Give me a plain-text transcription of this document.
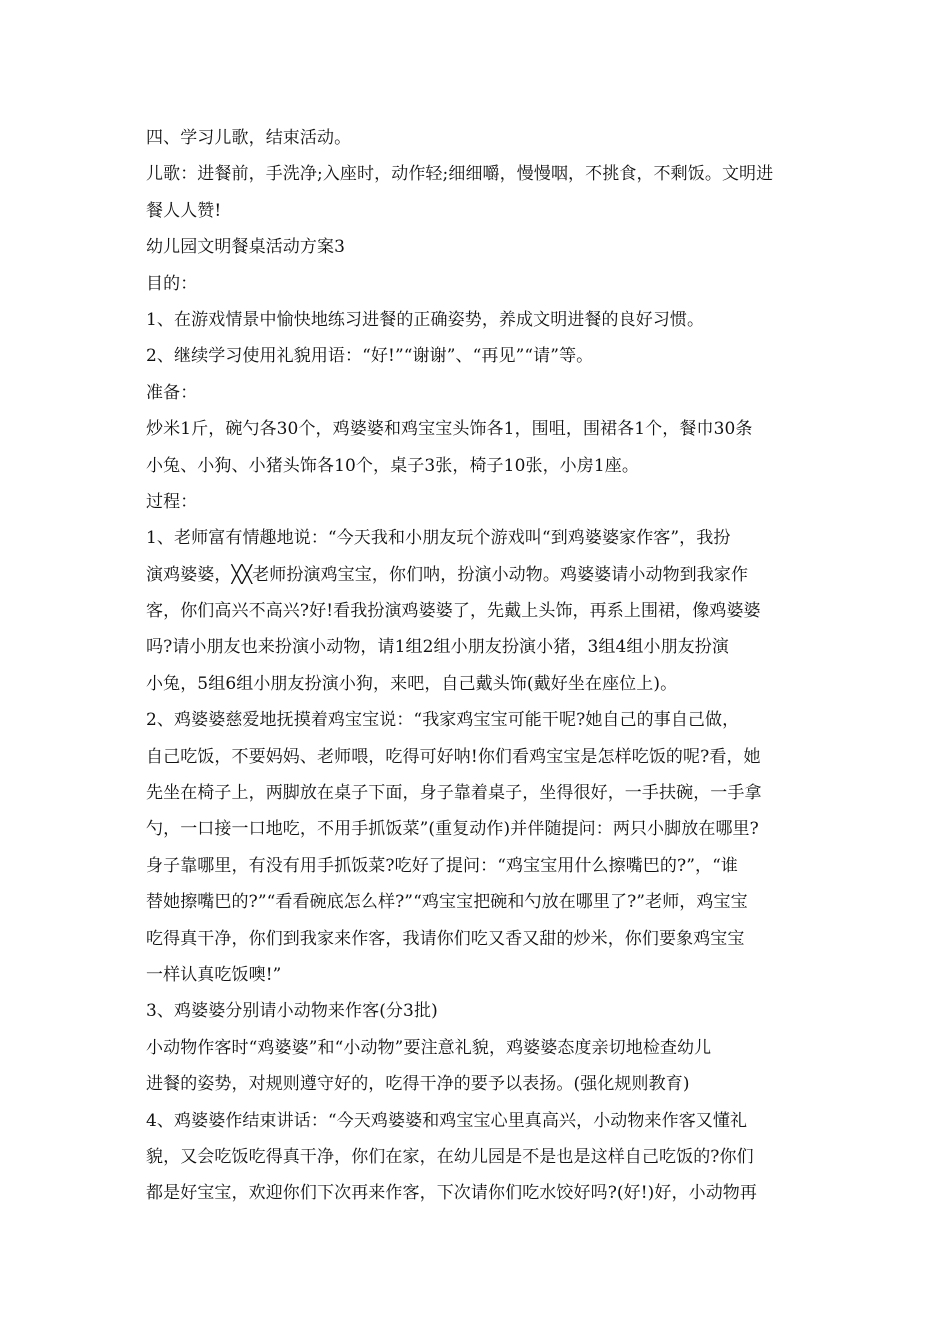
四、学习儿歌，结束活动。
儿歌：进餐前，手洗净;入座时，动作轻;细细嚼，慢慢咽，不挑食，不剩饭。文明进
餐人人赞!
幼儿园文明餐桌活动方案3
目的：
1、在游戏情景中愉快地练习进餐的正确姿势，养成文明进餐的良好习惯。
2、继续学习使用礼貌用语：“好!”“谢谢”、“再见”“请”等。
准备：
炒米1斤，碗勺各30个，鸡婆婆和鸡宝宝头饰各1，围咀，围裙各1个，餐巾30条
小兔、小狗、小猪头饰各10个，桌子3张，椅子10张，小房1座。
过程：
1、老师富有情趣地说：“今天我和小朋友玩个游戏叫“到鸡婆婆家作客”，我扮
演鸡婆婆，╳╳老师扮演鸡宝宝，你们呐，扮演小动物。鸡婆婆请小动物到我家作
客，你们高兴不高兴?好!看我扮演鸡婆婆了，先戴上头饰，再系上围裙，像鸡婆婆
吗?请小朋友也来扮演小动物，请1组2组小朋友扮演小猪，3组4组小朋友扮演
小兔，5组6组小朋友扮演小狗，来吧，自己戴头饰(戴好坐在座位上)。
2、鸡婆婆慈爱地抚摸着鸡宝宝说：“我家鸡宝宝可能干呢?她自己的事自己做，
自己吃饭，不要妈妈、老师喂，吃得可好呐!你们看鸡宝宝是怎样吃饭的呢?看，她
先坐在椅子上，两脚放在桌子下面，身子靠着桌子，坐得很好，一手扶碗，一手拿
勺，一口接一口地吃，不用手抓饭菜”(重复动作)并伴随提问：两只小脚放在哪里?
身子靠哪里，有没有用手抓饭菜?吃好了提问：“鸡宝宝用什么擦嘴巴的?”，“谁
替她擦嘴巴的?”“看看碗底怎么样?”“鸡宝宝把碗和勺放在哪里了?”老师，鸡宝宝
吃得真干净，你们到我家来作客，我请你们吃又香又甜的炒米，你们要象鸡宝宝
一样认真吃饭噢!”
3、鸡婆婆分别请小动物来作客(分3批)
小动物作客时“鸡婆婆”和“小动物”要注意礼貌，鸡婆婆态度亲切地检查幼儿
进餐的姿势，对规则遵守好的，吃得干净的要予以表扬。(强化规则教育)
4、鸡婆婆作结束讲话：“今天鸡婆婆和鸡宝宝心里真高兴，小动物来作客又懂礼
貌，又会吃饭吃得真干净，你们在家，在幼儿园是不是也是这样自己吃饭的?你们
都是好宝宝，欢迎你们下次再来作客，下次请你们吃水饺好吗?(好!)好，小动物再
